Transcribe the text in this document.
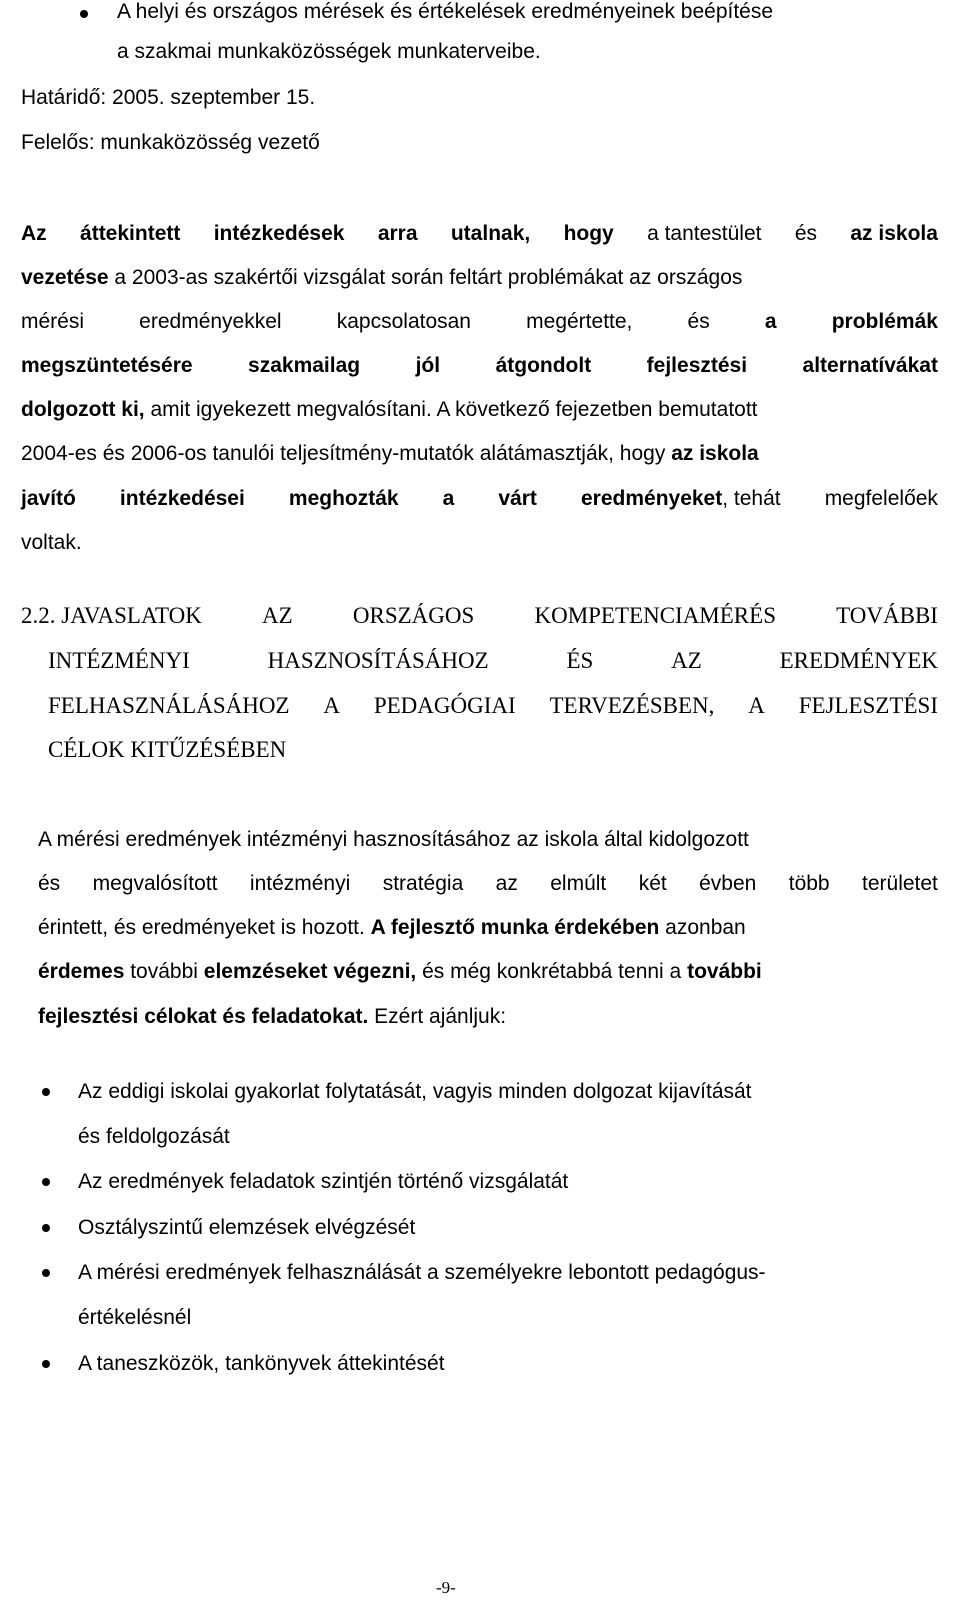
A helyi és országos mérések és értékelések eredményeinek beépítése
a szakmai munkaközösségek munkaterveibe.
Határidő: 2005. szeptember 15.
Felelős: munkaközösség vezető
Az áttekintett intézkedések arra utalnak, hogy a tantestület és az iskola
vezetése a 2003-as szakértői vizsgálat során feltárt problémákat az országos
mérési	eredményekkel	kapcsolatosan	megértette,	és	a	problémák
megszüntetésére	szakmailag	jól	átgondolt	fejlesztési	alternatívákat
dolgozott ki, amit igyekezett megvalósítani. A következő fejezetben bemutatott
2004-es és 2006-os tanulói teljesítmény-mutatók alátámasztják, hogy az iskola
javító intézkedései meghozták a várt eredményeket, tehát megfelelőek
voltak.
2.2. JAVASLATOK	AZ	ORSZÁGOS	KOMPETENCIAMÉRÉS	TOVÁBBI
INTÉZMÉNYI	HASZNOSÍTÁSÁHOZ	ÉS	AZ	EREDMÉNYEK
FELHASZNÁLÁSÁHOZ A PEDAGÓGIAI TERVEZÉSBEN, A FEJLESZTÉSI
CÉLOK KITŰZÉSÉBEN
A mérési eredmények intézményi hasznosításához az iskola által kidolgozott
és megvalósított intézményi stratégia az elmúlt két évben több területet
érintett, és eredményeket is hozott. A fejlesztő munka érdekében azonban
érdemes további elemzéseket végezni, és még konkrétabbá tenni a további
fejlesztési célokat és feladatokat. Ezért ajánljuk:
Az eddigi iskolai gyakorlat folytatását, vagyis minden dolgozat kijavítását
és feldolgozását
Az eredmények feladatok szintjén történő vizsgálatát
Osztályszintű elemzések elvégzését
A mérési eredmények felhasználását a személyekre lebontott pedagógus-
értékelésnél
A taneszközök, tankönyvek áttekintését
-9-
